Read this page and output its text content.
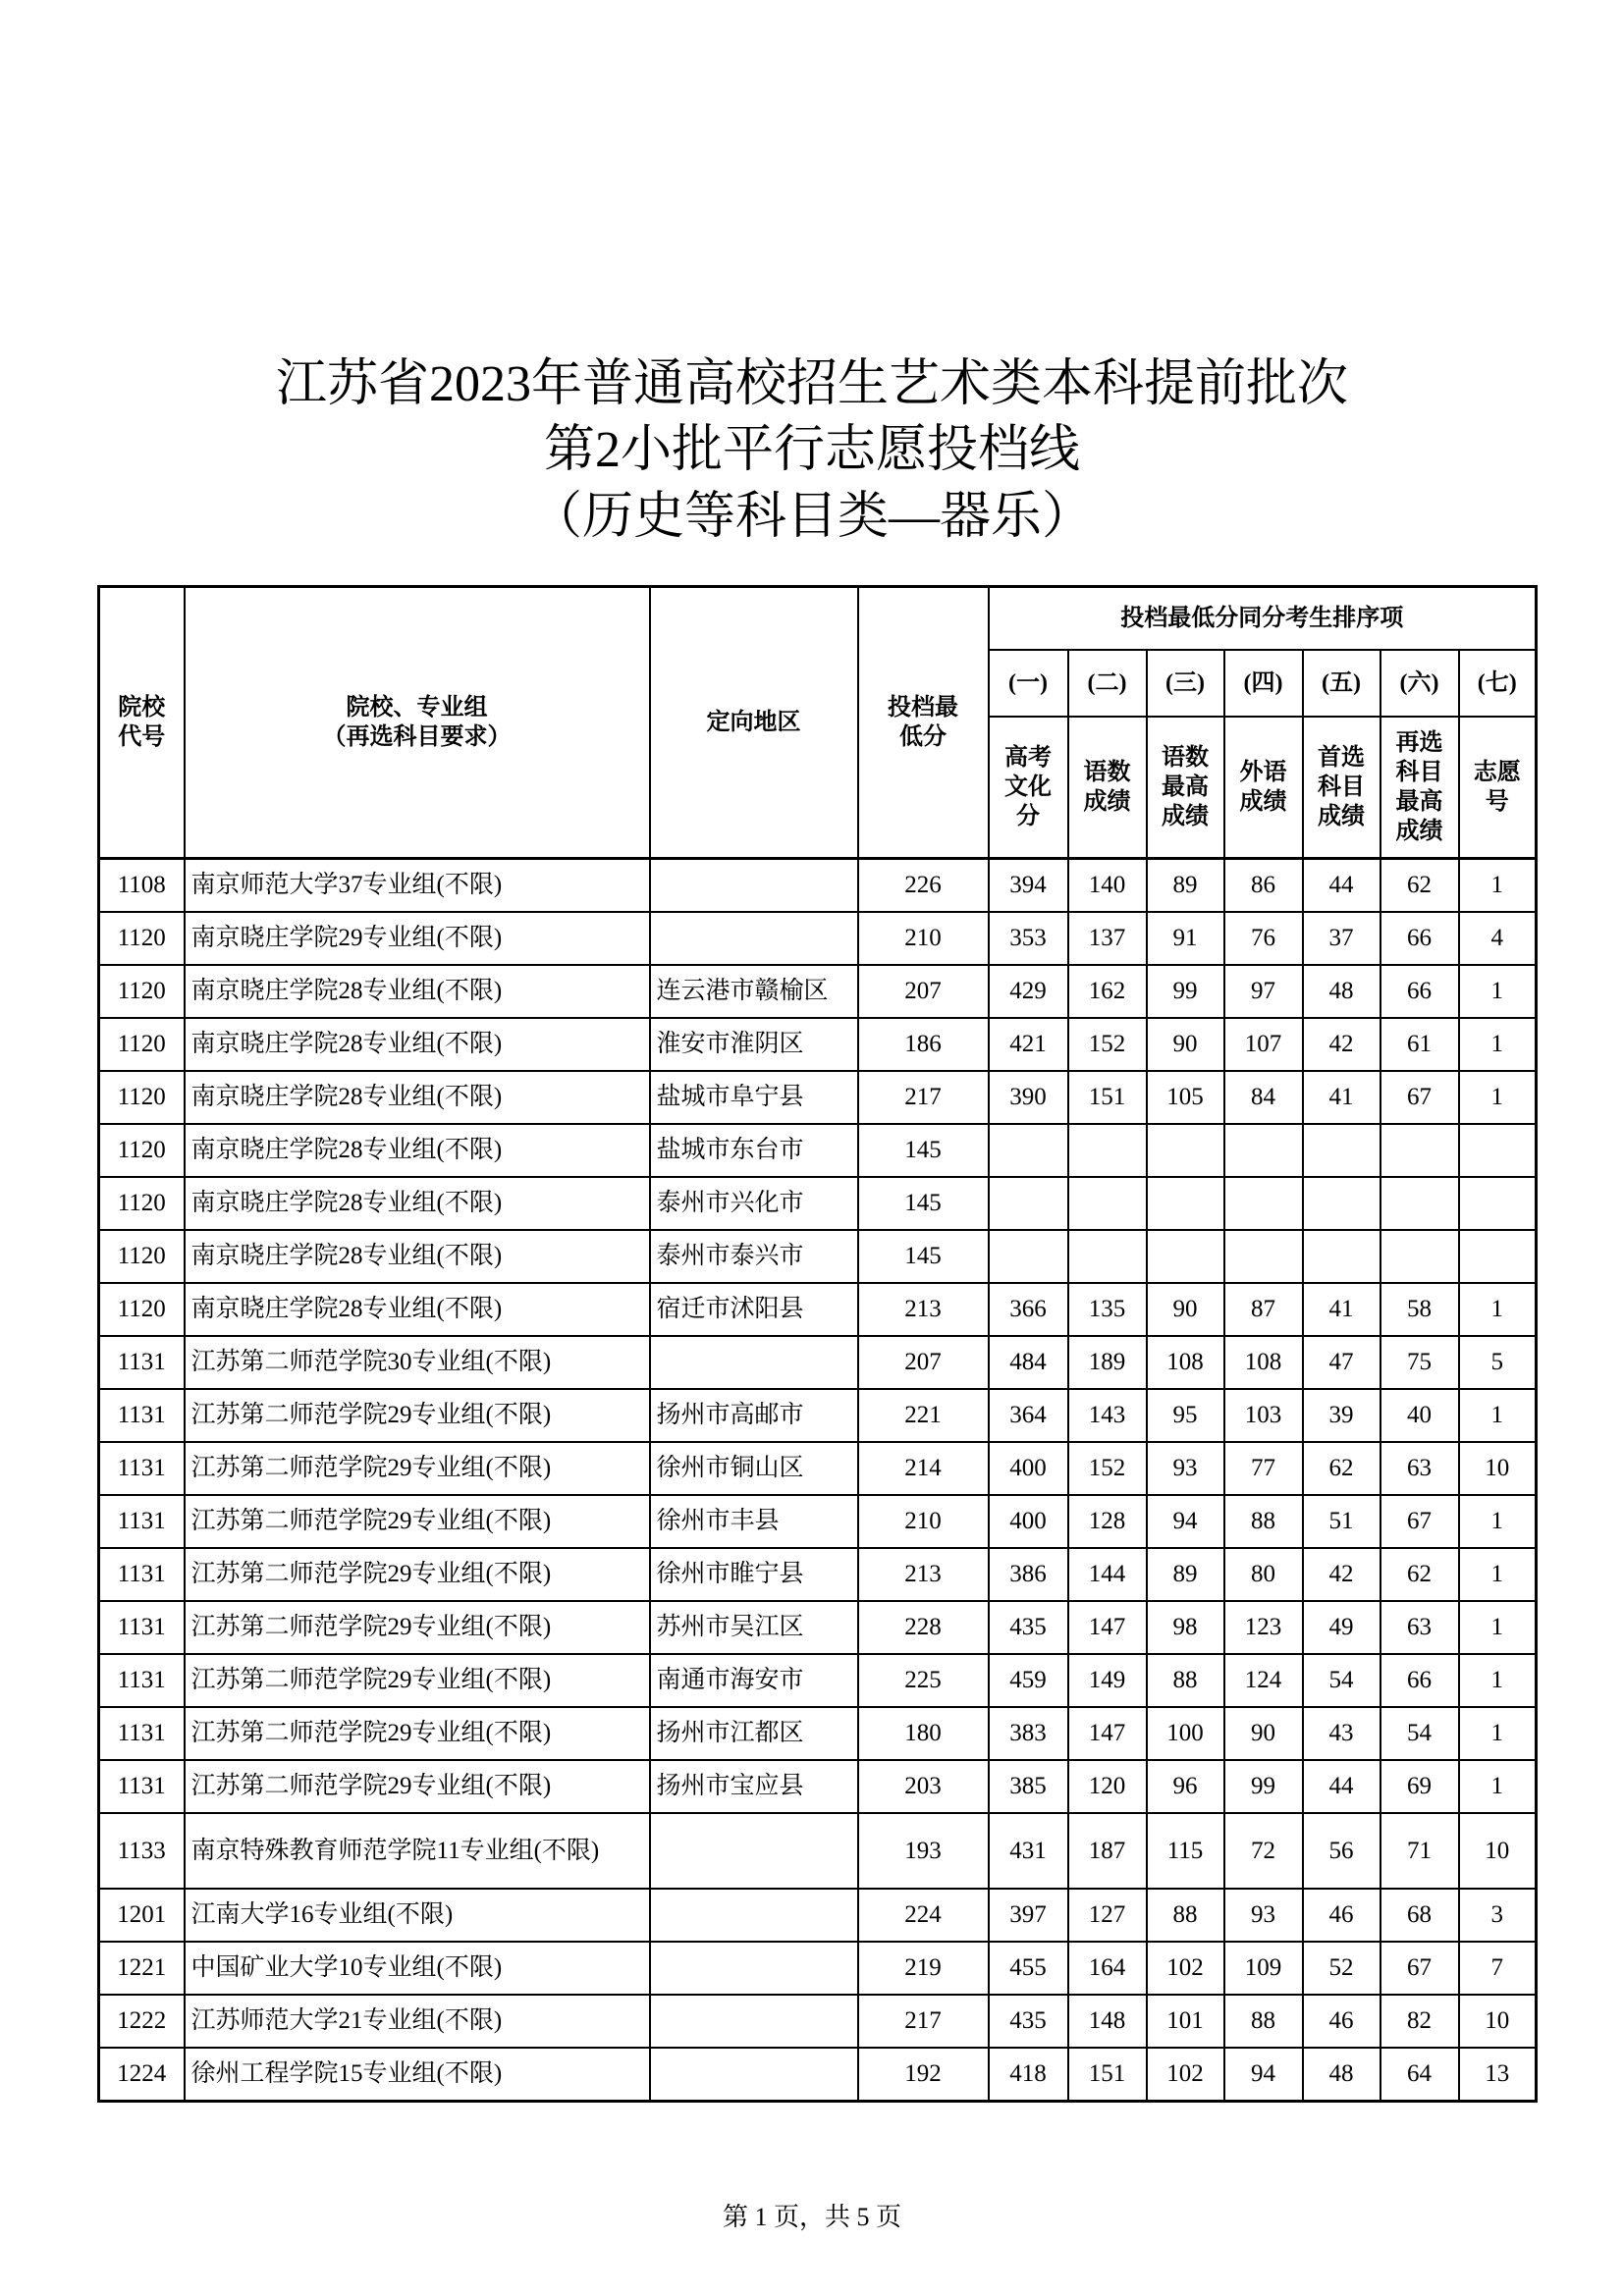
江苏省2023年普通高校招生艺术类本科提前批次
第2小批平行志愿投档线
（历史等科目类—器乐）
院校代号	院校、专业组
（再选科目要求）	定向地区	投档最低分	投档最低分同分考生排序项						
				(一)	(二)	(三)	(四)	(五)	(六)	(七)

				高考文化分	语数成绩	语数最高成绩	外语成绩	首选科目成绩	再选科目最高成绩	志愿号

1108	南京师范大学37专业组(不限)		226	394	140	89	86	44	62	1
1120	南京晓庄学院29专业组(不限)		210	353	137	91	76	37	66	4
1120	南京晓庄学院28专业组(不限)	连云港市赣榆区	207	429	162	99	97	48	66	1
1120	南京晓庄学院28专业组(不限)	淮安市淮阴区	186	421	152	90	107	42	61	1
1120	南京晓庄学院28专业组(不限)	盐城市阜宁县	217	390	151	105	84	41	67	1
1120	南京晓庄学院28专业组(不限)	盐城市东台市	145							
1120	南京晓庄学院28专业组(不限)	泰州市兴化市	145							
1120	南京晓庄学院28专业组(不限)	泰州市泰兴市	145							
1120	南京晓庄学院28专业组(不限)	宿迁市沭阳县	213	366	135	90	87	41	58	1
1131	江苏第二师范学院30专业组(不限)		207	484	189	108	108	47	75	5
1131	江苏第二师范学院29专业组(不限)	扬州市高邮市	221	364	143	95	103	39	40	1
1131	江苏第二师范学院29专业组(不限)	徐州市铜山区	214	400	152	93	77	62	63	10
1131	江苏第二师范学院29专业组(不限)	徐州市丰县	210	400	128	94	88	51	67	1
1131	江苏第二师范学院29专业组(不限)	徐州市睢宁县	213	386	144	89	80	42	62	1
1131	江苏第二师范学院29专业组(不限)	苏州市吴江区	228	435	147	98	123	49	63	1
1131	江苏第二师范学院29专业组(不限)	南通市海安市	225	459	149	88	124	54	66	1
1131	江苏第二师范学院29专业组(不限)	扬州市江都区	180	383	147	100	90	43	54	1
1131	江苏第二师范学院29专业组(不限)	扬州市宝应县	203	385	120	96	99	44	69	1
1133	南京特殊教育师范学院11专业组(不限)		193	431	187	115	72	56	71	10
1201	江南大学16专业组(不限)		224	397	127	88	93	46	68	3
1221	中国矿业大学10专业组(不限)		219	455	164	102	109	52	67	7
1222	江苏师范大学21专业组(不限)		217	435	148	101	88	46	82	10
1224	徐州工程学院15专业组(不限)		192	418	151	102	94	48	64	13
第 1 页，共 5 页
